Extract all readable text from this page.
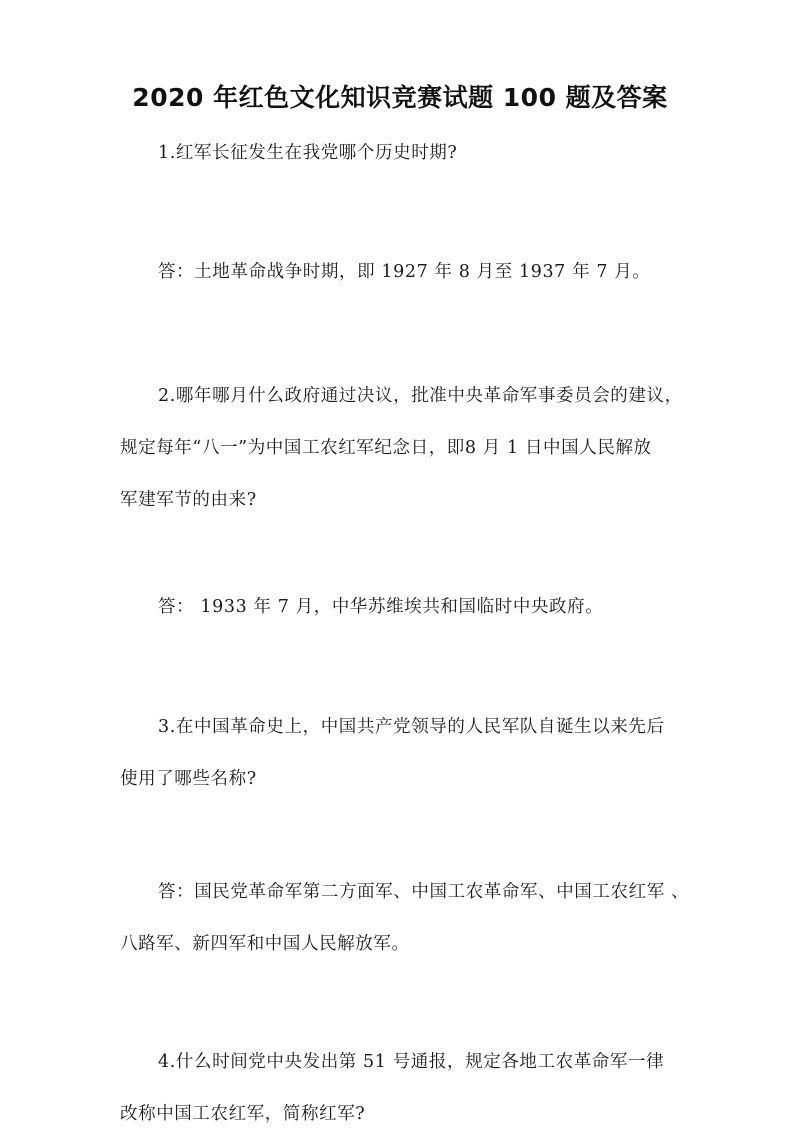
2020 年红色文化知识竞赛试题 100 题及答案
1.红军长征发生在我党哪个历史时期?
答：土地革命战争时期，即 1927 年 8 月至 1937 年 7 月。
2.哪年哪月什么政府通过决议，批准中央革命军事委员会的建议，
规定每年“八一”为中国工农红军纪念日，即8 月 1 日中国人民解放
军建军节的由来?
答： 1933 年 7 月，中华苏维埃共和国临时中央政府。
3.在中国革命史上，中国共产党领导的人民军队自诞生以来先后
使用了哪些名称?
答：国民党革命军第二方面军、中国工农革命军、中国工农红军 、
八路军、新四军和中国人民解放军。
4.什么时间党中央发出第 51 号通报，规定各地工农革命军一律
改称中国工农红军，简称红军?
